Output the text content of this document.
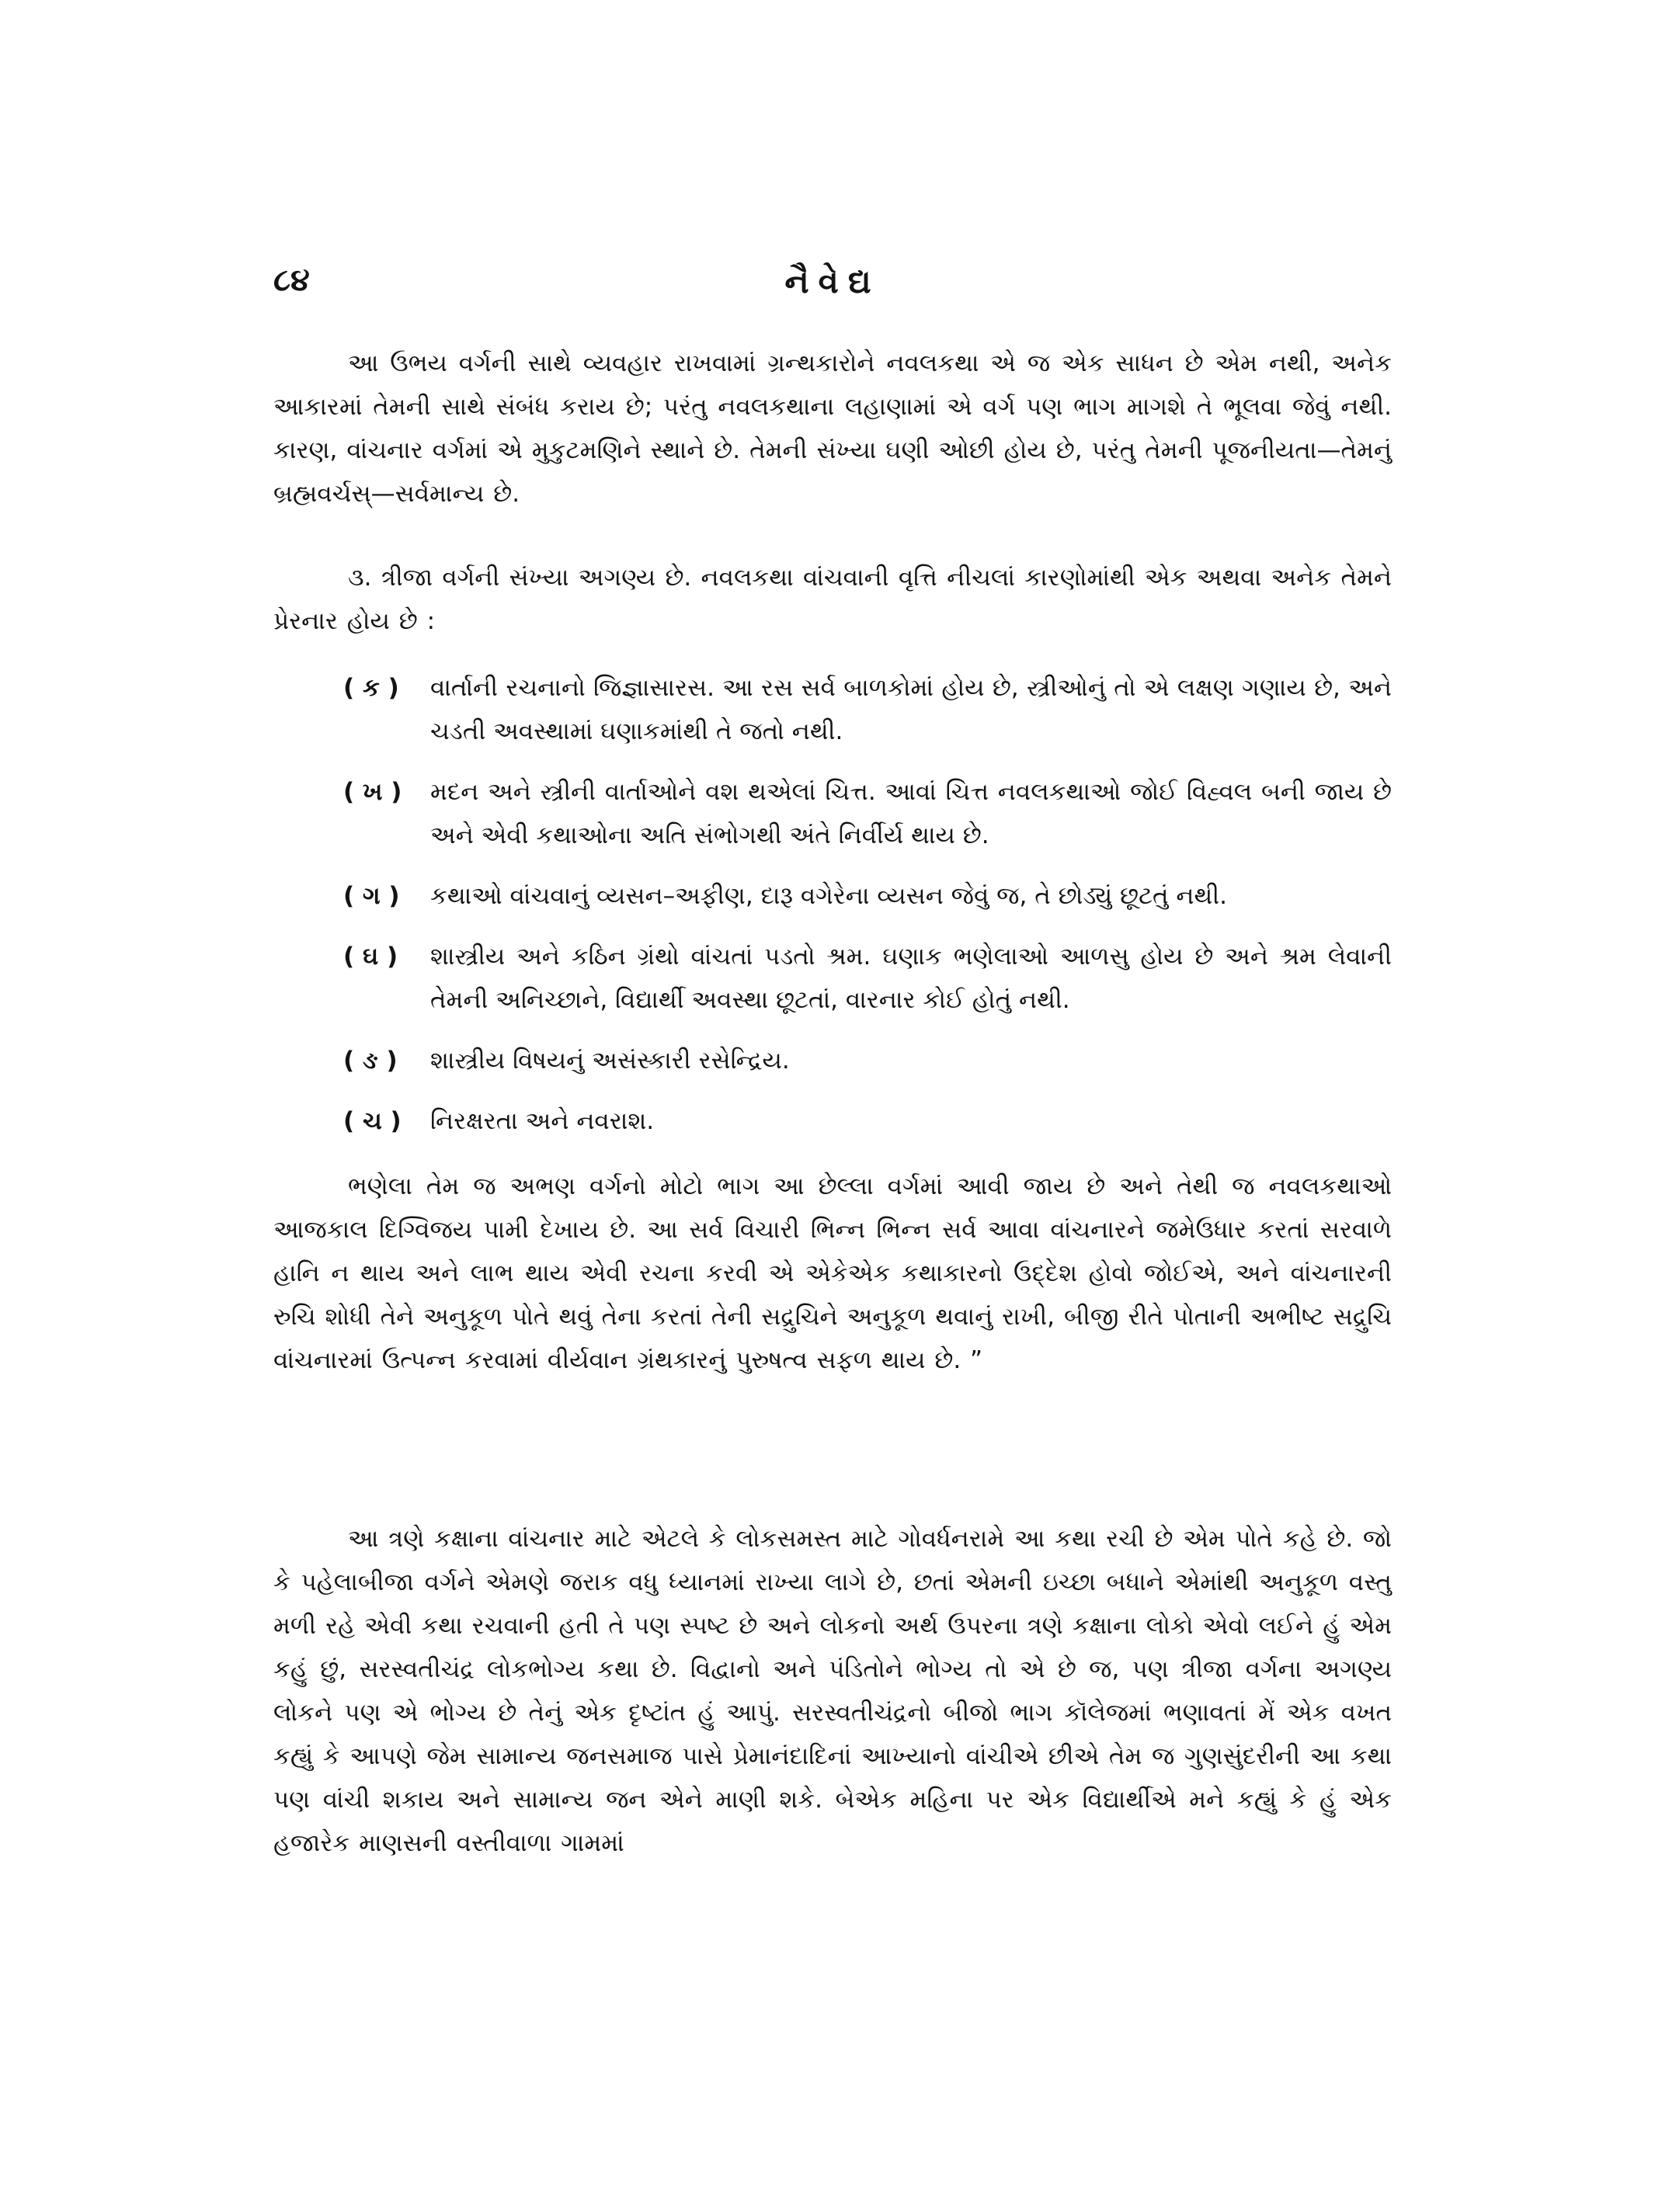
૮૪	નૈવેદ્ય

આ ઉભય વર્ગની સાથે વ્યવહાર રાખવામાં ગ્રન્થકારોને નવલકથા એ જ એક સાધન છે એમ નથી, અનેક આકારમાં તેમની સાથે સંબંધ કરાય છે; પરંતુ નવલકથાના લહાણામાં એ વર્ગ પણ ભાગ માગશે તે ભૂલવા જેવું નથી. કારણ, વાંચનાર વર્ગમાં એ મુકુટમણિને સ્થાને છે. તેમની સંખ્યા ઘણી ઓછી હોય છે, પરંતુ તેમની પૂજનીયતા—તેમનું બ્રહ્મવર્ચસ્—સર્વમાન્ય છે.

૩. ત્રીજા વર્ગની સંખ્યા અગણ્ય છે. નવલકથા વાંચવાની વૃત્તિ નીચલાં કારણોમાંથી એક અથવા અનેક તેમને પ્રેરનાર હોય છે :

( ક )	વાર્તાની રચનાનો જિજ્ઞાસારસ. આ રસ સર્વ બાળકોમાં હોય છે, સ્ત્રીઓનું તો એ લક્ષણ ગણાય છે, અને ચડતી અવસ્થામાં ઘણાકમાંથી તે જતો નથી.
( ખ )	મદન અને સ્ત્રીની વાર્તાઓને વશ થએલાં ચિત્ત. આવાં ચિત્ત નવલકથાઓ જોઈ વિહ્વલ બની જાય છે અને એવી કથાઓના અતિ સંભોગથી અંતે નિર્વીર્ય થાય છે.
( ગ )	કથાઓ વાંચવાનું વ્યસન–અફીણ, દારૂ વગેરેના વ્યસન જેવું જ, તે છોડ્યું છૂટતું નથી.
( ઘ )	શાસ્ત્રીય અને કઠિન ગ્રંથો વાંચતાં પડતો શ્રમ. ઘણાક ભણેલાઓ આળસુ હોય છે અને શ્રમ લેવાની તેમની અનિચ્છાને, વિદ્યાર્થી અવસ્થા છૂટતાં, વારનાર કોઈ હોતું નથી.
( ઙ )	શાસ્ત્રીય વિષયનું અસંસ્કારી રસેન્દ્રિય.
( ચ )	નિરક્ષરતા અને નવરાશ.

ભણેલા તેમ જ અભણ વર્ગનો મોટો ભાગ આ છેલ્લા વર્ગમાં આવી જાય છે અને તેથી જ નવલકથાઓ આજકાલ દિગ્વિજય પામી દેખાય છે. આ સર્વ વિચારી ભિન્ન ભિન્ન સર્વ આવા વાંચનારને જમેઉધાર કરતાં સરવાળે હાનિ ન થાય અને લાભ થાય એવી રચના કરવી એ એકેએક કથાકારનો ઉદ્દેશ હોવો જોઈએ, અને વાંચનારની રુચિ શોધી તેને અનુકૂળ પોતે થવું તેના કરતાં તેની સદ્રુચિને અનુકૂળ થવાનું રાખી, બીજી રીતે પોતાની અભીષ્ટ સદ્રુચિ વાંચનારમાં ઉત્પન્ન કરવામાં વીર્યવાન ગ્રંથકારનું પુરુષત્વ સફળ થાય છે. ”

આ ત્રણે કક્ષાના વાંચનાર માટે એટલે કે લોકસમસ્ત માટે ગોવર્ધનરામે આ કથા રચી છે એમ પોતે કહે છે. જો કે પહેલાબીજા વર્ગને એમણે જરાક વધુ ધ્યાનમાં રાખ્યા લાગે છે, છતાં એમની ઇચ્છા બધાને એમાંથી અનુકૂળ વસ્તુ મળી રહે એવી કથા રચવાની હતી તે પણ સ્પષ્ટ છે અને લોકનો અર્થ ઉપરના ત્રણે કક્ષાના લોકો એવો લઈને હું એમ કહું છું, સરસ્વતીચંદ્ર લોકભોગ્ય કથા છે. વિદ્વાનો અને પંડિતોને ભોગ્ય તો એ છે જ, પણ ત્રીજા વર્ગના અગણ્ય લોકને પણ એ ભોગ્ય છે તેનું એક દૃષ્ટાંત હું આપું. સરસ્વતીચંદ્રનો બીજો ભાગ કૉલેજમાં ભણાવતાં મેં એક વખત કહ્યું કે આપણે જેમ સામાન્ય જનસમાજ પાસે પ્રેમાનંદાદિનાં આખ્યાનો વાંચીએ છીએ તેમ જ ગુણસુંદરીની આ કથા પણ વાંચી શકાય અને સામાન્ય જન એને માણી શકે. બેએક મહિના પર એક વિદ્યાર્થીએ મને કહ્યું કે હું એક હજારેક માણસની વસ્તીવાળા ગામમાં
